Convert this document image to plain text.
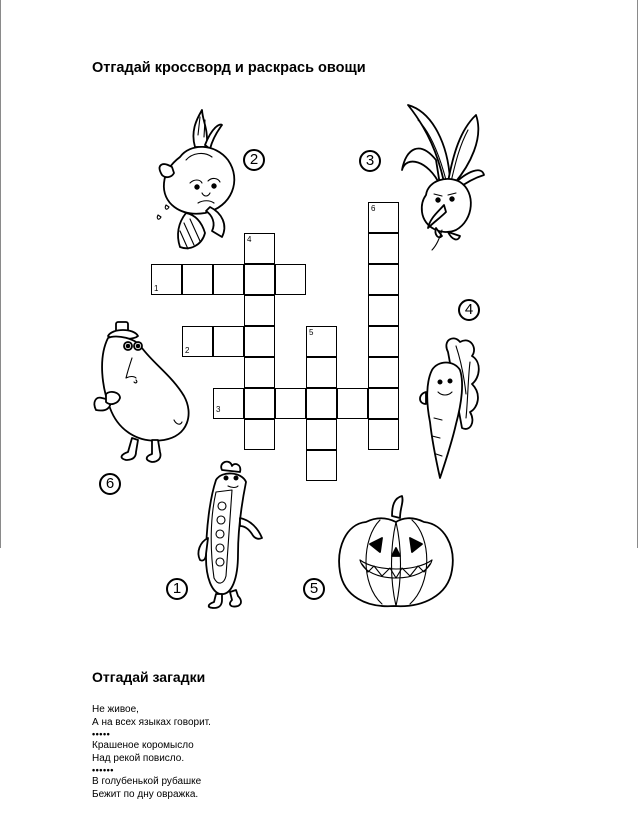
Отгадай кроссворд и раскрась овощи
1
2
3
4
5
6
2	3
4
6
1	5
Отгадай загадки
Не живое,
А на всех языках говорит.
•••••
Крашеное коромысло
Над рекой повисло.
••••••
В голубенькой рубашке
Бежит по дну овражка.
